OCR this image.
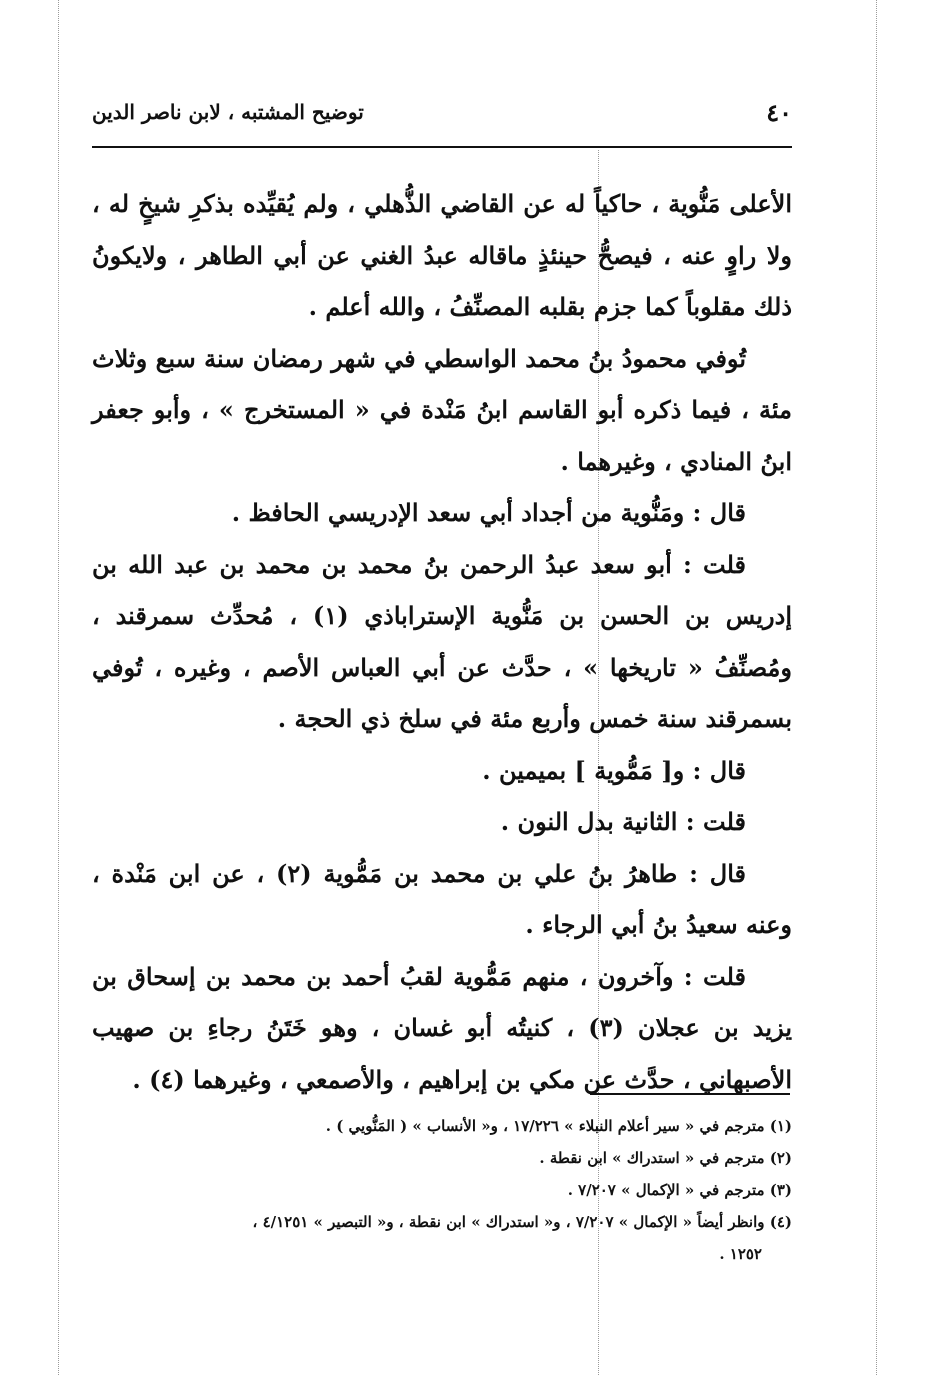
٤٠
توضيح المشتبه ، لابن ناصر الدين

الأعلى مَنُّوية ، حاكياً له عن القاضي الذُّهلي ، ولم يُقيِّده بذكرِ شيخٍ له ، ولا راوٍ عنه ، فيصحُّ حينئذٍ ماقاله عبدُ الغني عن أبي الطاهر ، ولايكونُ ذلك مقلوباً كما جزم بقلبه المصنِّفُ ، والله أعلم .

تُوفي محمودُ بنُ محمد الواسطي في شهر رمضان سنة سبع وثلاث مئة ، فيما ذكره أبو القاسم ابنُ مَنْدة في « المستخرج » ، وأبو جعفر ابنُ المنادي ، وغيرهما .

قال : ومَنُّوية من أجداد أبي سعد الإدريسي الحافظ .

قلت : أبو سعد عبدُ الرحمن بنُ محمد بن محمد بن عبد الله بن إدريس بن الحسن بن مَنُّوية الإستراباذي (١) ، مُحدِّث سمرقند ، ومُصنِّفُ « تاريخها » ، حدَّث عن أبي العباس الأصم ، وغيره ، تُوفي بسمرقند سنة خمس وأربع مئة في سلخ ذي الحجة .

قال : و[ مَمُّوية ] بميمين .

قلت : الثانية بدل النون .

قال : طاهرُ بنُ علي بن محمد بن مَمُّوية (٢) ، عن ابن مَنْدة ، وعنه سعيدُ بنُ أبي الرجاء .

قلت : وآخرون ، منهم مَمُّوية لقبُ أحمد بن محمد بن إسحاق بن يزيد بن عجلان (٣) ، كنيتُه أبو غسان ، وهو خَتَنُ رجاءِ بن صهيب الأصبهاني ، حدَّث عن مكي بن إبراهيم ، والأصمعي ، وغيرهما (٤) .

(١) مترجم في « سير أعلام النبلاء » ١٧/٢٢٦ ، و« الأنساب » ( المَنُّويي ) .

(٢) مترجم في « استدراك » ابن نقطة .

(٣) مترجم في « الإكمال » ٧/٢٠٧ .

(٤) وانظر أيضاً « الإكمال » ٧/٢٠٧ ، و« استدراك » ابن نقطة ، و« التبصير » ٤/١٢٥١ ،

١٢٥٢ .
